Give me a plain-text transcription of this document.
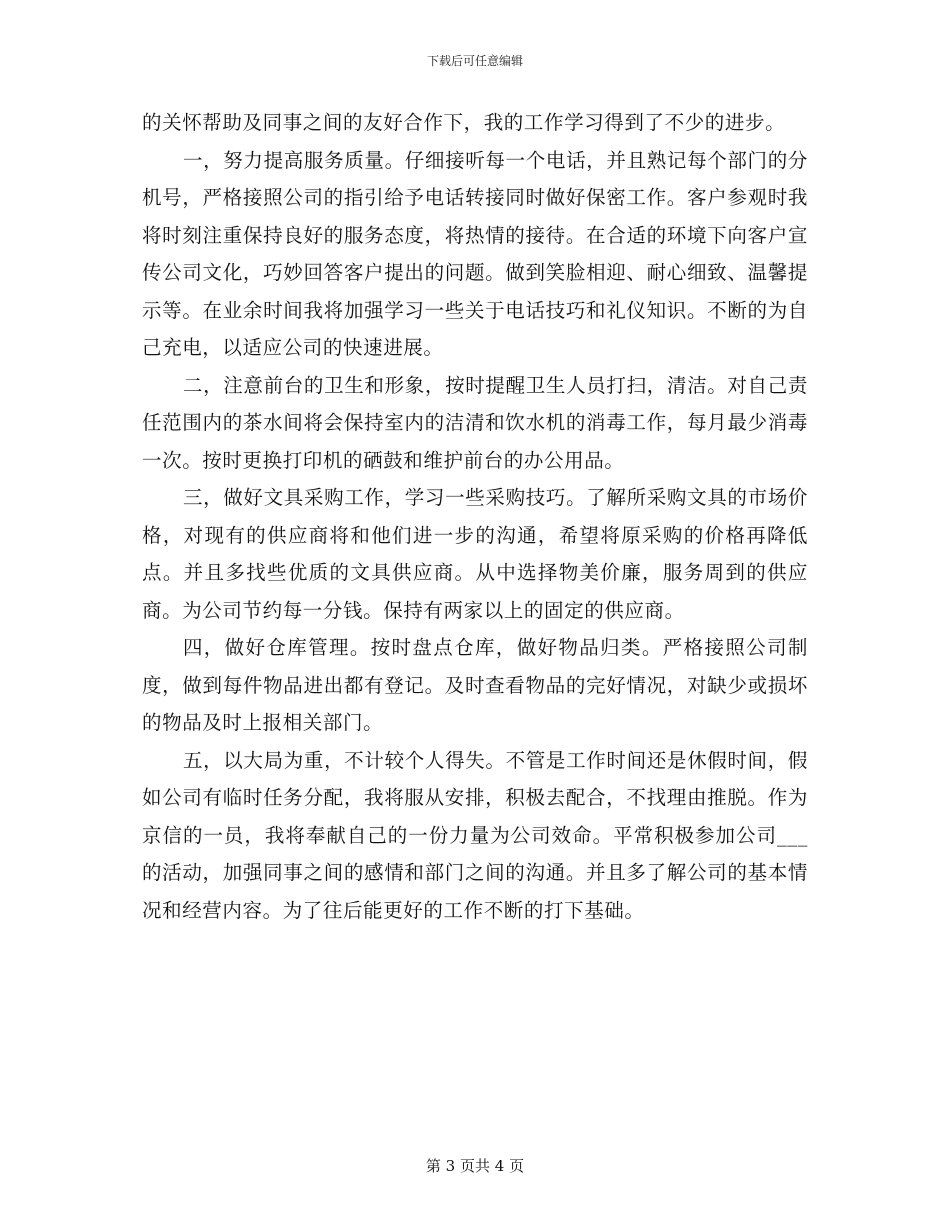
下载后可任意编辑

的关怀帮助及同事之间的友好合作下，我的工作学习得到了不少的进步。

一，努力提高服务质量。仔细接听每一个电话，并且熟记每个部门的分机号，严格接照公司的指引给予电话转接同时做好保密工作。客户参观时我将时刻注重保持良好的服务态度，将热情的接待。在合适的环境下向客户宣传公司文化，巧妙回答客户提出的问题。做到笑脸相迎、耐心细致、温馨提示等。在业余时间我将加强学习一些关于电话技巧和礼仪知识。不断的为自己充电，以适应公司的快速进展。

二，注意前台的卫生和形象，按时提醒卫生人员打扫，清洁。对自己责任范围内的茶水间将会保持室内的洁清和饮水机的消毒工作，每月最少消毒一次。按时更换打印机的硒鼓和维护前台的办公用品。

三，做好文具采购工作，学习一些采购技巧。了解所采购文具的市场价格，对现有的供应商将和他们进一步的沟通，希望将原采购的价格再降低点。并且多找些优质的文具供应商。从中选择物美价廉，服务周到的供应商。为公司节约每一分钱。保持有两家以上的固定的供应商。

四，做好仓库管理。按时盘点仓库，做好物品归类。严格接照公司制度，做到每件物品进出都有登记。及时查看物品的完好情况，对缺少或损坏的物品及时上报相关部门。

五，以大局为重，不计较个人得失。不管是工作时间还是休假时间，假如公司有临时任务分配，我将服从安排，积极去配合，不找理由推脱。作为京信的一员，我将奉献自己的一份力量为公司效命。平常积极参加公司___的活动，加强同事之间的感情和部门之间的沟通。并且多了解公司的基本情况和经营内容。为了往后能更好的工作不断的打下基础。

第 3 页共 4 页
